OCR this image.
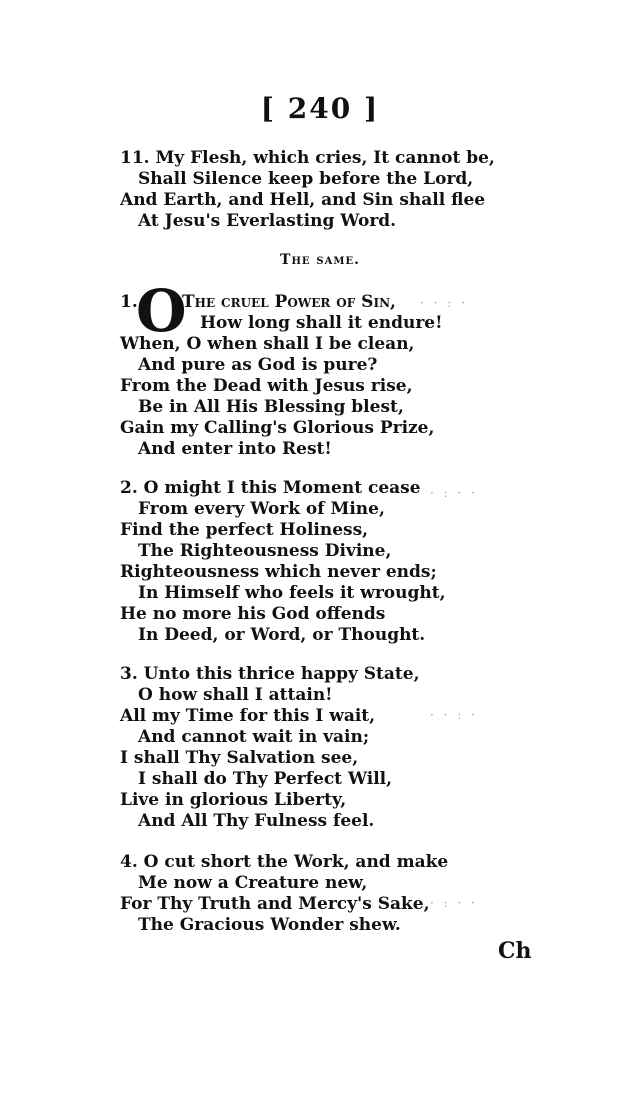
[ 240 ]
11. My Flesh, which cries, It cannot be,
Shall Silence keep before the Lord,
And Earth, and Hell, and Sin shall flee
At Jesu's Everlasting Word.
The same.
1.
O
The cruel Power of Sin,
How long shall it endure!
When, O when shall I be clean,
And pure as God is pure?
From the Dead with Jesus rise,
Be in All His Blessing blest,
Gain my Calling's Glorious Prize,
And enter into Rest!
2. O might I this Moment cease
From every Work of Mine,
Find the perfect Holiness,
The Righteousness Divine,
Righteousness which never ends;
In Himself who feels it wrought,
He no more his God offends
In Deed, or Word, or Thought.
3. Unto this thrice happy State,
O how shall I attain!
All my Time for this I wait,
And cannot wait in vain;
I shall Thy Salvation see,
I shall do Thy Perfect Will,
Live in glorious Liberty,
And All Thy Fulness feel.
4. O cut short the Work, and make
Me now a Creature new,
For Thy Truth and Mercy's Sake,
The Gracious Wonder shew.
Ch
· · ː ·
· ː · ·
· · ː ·
· ː · ·
